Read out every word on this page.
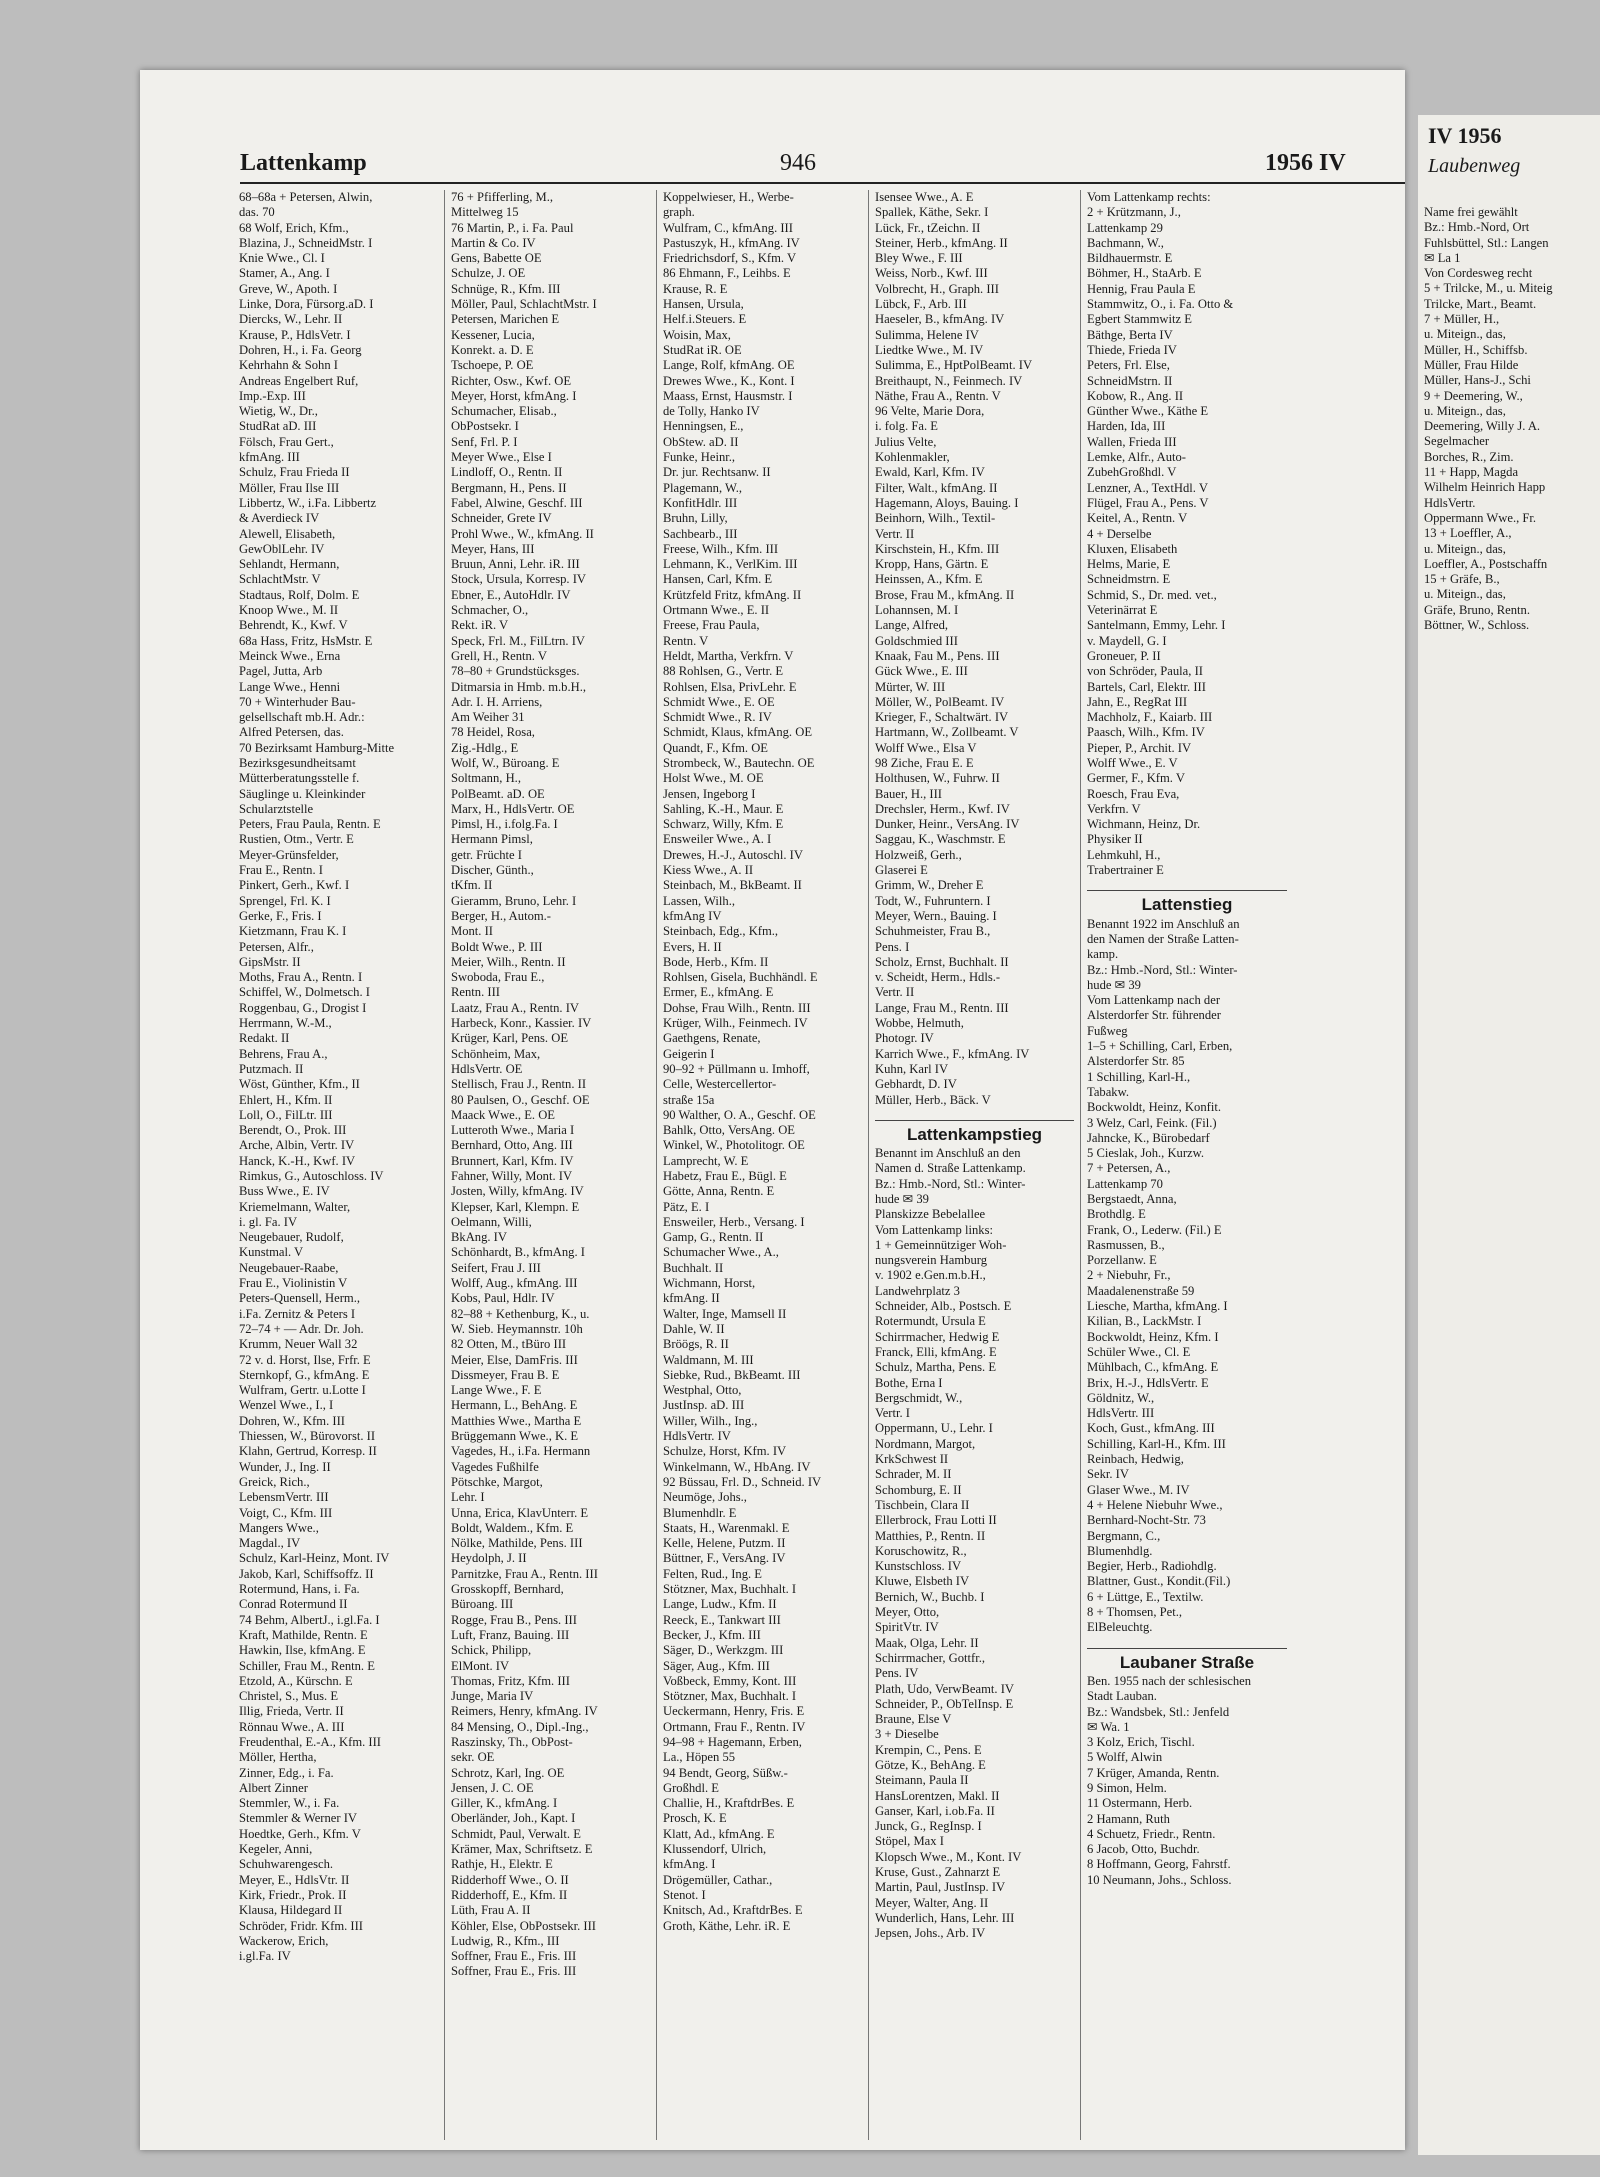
Lattenkamp	946	1956 IV
68–68a + Petersen, Alwin,
das. 70
68 Wolf, Erich, Kfm.,
Blazina, J., SchneidMstr. I
Knie Wwe., Cl. I
Stamer, A., Ang. I
Greve, W., Apoth. I
Linke, Dora, Fürsorg.aD. I
Diercks, W., Lehr. II
Krause, P., HdlsVetr. I
Dohren, H., i. Fa. Georg
Kehrhahn & Sohn I
Andreas Engelbert Ruf,
Imp.-Exp. III
Wietig, W., Dr.,
StudRat aD. III
Fölsch, Frau Gert.,
kfmAng. III
Schulz, Frau Frieda II
Möller, Frau Ilse III
Libbertz, W., i.Fa. Libbertz
& Averdieck IV
Alewell, Elisabeth,
GewOblLehr. IV
Sehlandt, Hermann,
SchlachtMstr. V
Stadtaus, Rolf, Dolm. E
Knoop Wwe., M. II
Behrendt, K., Kwf. V
68a Hass, Fritz, HsMstr. E
Meinck Wwe., Erna
Pagel, Jutta, Arb
Lange Wwe., Henni
70 + Winterhuder Bau-
gelsellschaft mb.H. Adr.:
Alfred Petersen, das.
70 Bezirksamt Hamburg-Mitte
Bezirksgesundheitsamt
Mütterberatungsstelle f.
Säuglinge u. Kleinkinder
Schularztstelle
Peters, Frau Paula, Rentn. E
Rustien, Otm., Vertr. E
Meyer-Grünsfelder,
Frau E., Rentn. I
Pinkert, Gerh., Kwf. I
Sprengel, Frl. K. I
Gerke, F., Fris. I
Kietzmann, Frau K. I
Petersen, Alfr.,
GipsMstr. II
Moths, Frau A., Rentn. I
Schiffel, W., Dolmetsch. I
Roggenbau, G., Drogist I
Herrmann, W.-M.,
Redakt. II
Behrens, Frau A.,
Putzmach. II
Wöst, Günther, Kfm., II
Ehlert, H., Kfm. II
Loll, O., FilLtr. III
Berendt, O., Prok. III
Arche, Albin, Vertr. IV
Hanck, K.-H., Kwf. IV
Rimkus, G., Autoschloss. IV
Buss Wwe., E. IV
Kriemelmann, Walter,
i. gl. Fa. IV
Neugebauer, Rudolf,
Kunstmal. V
Neugebauer-Raabe,
Frau E., Violinistin V
Peters-Quensell, Herm.,
i.Fa. Zernitz & Peters I
72–74 + — Adr. Dr. Joh.
Krumm, Neuer Wall 32
72 v. d. Horst, Ilse, Frfr. E
Sternkopf, G., kfmAng. E
Wulfram, Gertr. u.Lotte I
Wenzel Wwe., I., I
Dohren, W., Kfm. III
Thiessen, W., Bürovorst. II
Klahn, Gertrud, Korresp. II
Wunder, J., Ing. II
Greick, Rich.,
LebensmVertr. III
Voigt, C., Kfm. III
Mangers Wwe.,
Magdal., IV
Schulz, Karl-Heinz, Mont. IV
Jakob, Karl, Schiffsoffz. II
Rotermund, Hans, i. Fa.
Conrad Rotermund II
74 Behm, AlbertJ., i.gl.Fa. I
Kraft, Mathilde, Rentn. E
Hawkin, Ilse, kfmAng. E
Schiller, Frau M., Rentn. E
Etzold, A., Kürschn. E
Christel, S., Mus. E
Illig, Frieda, Vertr. II
Rönnau Wwe., A. III
Freudenthal, E.-A., Kfm. III
Möller, Hertha,
Zinner, Edg., i. Fa.
Albert Zinner
Stemmler, W., i. Fa.
Stemmler & Werner IV
Hoedtke, Gerh., Kfm. V
Kegeler, Anni,
Schuhwarengesch.
Meyer, E., HdlsVtr. II
Kirk, Friedr., Prok. II
Klausa, Hildegard II
Schröder, Fridr. Kfm. III
Wackerow, Erich,
i.gl.Fa. IV
76 + Pfifferling, M.,
Mittelweg 15
76 Martin, P., i. Fa. Paul
Martin & Co. IV
Gens, Babette OE
Schulze, J. OE
Schnüge, R., Kfm. III
Möller, Paul, SchlachtMstr. I
Petersen, Marichen E
Kessener, Lucia,
Konrekt. a. D. E
Tschoepe, P. OE
Richter, Osw., Kwf. OE
Meyer, Horst, kfmAng. I
Schumacher, Elisab.,
ObPostsekr. I
Senf, Frl. P. I
Meyer Wwe., Else I
Lindloff, O., Rentn. II
Bergmann, H., Pens. II
Fabel, Alwine, Geschf. III
Schneider, Grete IV
Prohl Wwe., W., kfmAng. II
Meyer, Hans, III
Bruun, Anni, Lehr. iR. III
Stock, Ursula, Korresp. IV
Ebner, E., AutoHdlr. IV
Schmacher, O.,
Rekt. iR. V
Speck, Frl. M., FilLtrn. IV
Grell, H., Rentn. V
78–80 + Grundstücksges.
Ditmarsia in Hmb. m.b.H.,
Adr. I. H. Arriens,
Am Weiher 31
78 Heidel, Rosa,
Zig.-Hdlg., E
Wolf, W., Büroang. E
Soltmann, H.,
PolBeamt. aD. OE
Marx, H., HdlsVertr. OE
Pimsl, H., i.folg.Fa. I
Hermann Pimsl,
getr. Früchte I
Discher, Günth.,
tKfm. II
Gieramm, Bruno, Lehr. I
Berger, H., Autom.-
Mont. II
Boldt Wwe., P. III
Meier, Wilh., Rentn. II
Swoboda, Frau E.,
Rentn. III
Laatz, Frau A., Rentn. IV
Harbeck, Konr., Kassier. IV
Krüger, Karl, Pens. OE
Schönheim, Max,
HdlsVertr. OE
Stellisch, Frau J., Rentn. II
80 Paulsen, O., Geschf. OE
Maack Wwe., E. OE
Lutteroth Wwe., Maria I
Bernhard, Otto, Ang. III
Brunnert, Karl, Kfm. IV
Fahner, Willy, Mont. IV
Josten, Willy, kfmAng. IV
Klepser, Karl, Klempn. E
Oelmann, Willi,
BkAng. IV
Schönhardt, B., kfmAng. I
Seifert, Frau J. III
Wolff, Aug., kfmAng. III
Kobs, Paul, Hdlr. IV
82–88 + Kethenburg, K., u.
W. Sieb. Heymannstr. 10h
82 Otten, M., tBüro III
Meier, Else, DamFris. III
Dissmeyer, Frau B. E
Lange Wwe., F. E
Hermann, L., BehAng. E
Matthies Wwe., Martha E
Brüggemann Wwe., K. E
Vagedes, H., i.Fa. Hermann
Vagedes Fußhilfe
Pötschke, Margot,
Lehr. I
Unna, Erica, KlavUnterr. E
Boldt, Waldem., Kfm. E
Nölke, Mathilde, Pens. III
Heydolph, J. II
Parnitzke, Frau A., Rentn. III
Grosskopff, Bernhard,
Büroang. III
Rogge, Frau B., Pens. III
Luft, Franz, Bauing. III
Schick, Philipp,
ElMont. IV
Thomas, Fritz, Kfm. III
Junge, Maria IV
Reimers, Henry, kfmAng. IV
84 Mensing, O., Dipl.-Ing.,
Raszinsky, Th., ObPost-
sekr. OE
Schrotz, Karl, Ing. OE
Jensen, J. C. OE
Giller, K., kfmAng. I
Oberländer, Joh., Kapt. I
Schmidt, Paul, Verwalt. E
Krämer, Max, Schriftsetz. E
Rathje, H., Elektr. E
Ridderhoff Wwe., O. II
Ridderhoff, E., Kfm. II
Lüth, Frau A. II
Köhler, Else, ObPostsekr. III
Ludwig, R., Kfm., III
Soffner, Frau E., Fris. III
Soffner, Frau E., Fris. III
Koppelwieser, H., Werbe-
graph.
Wulfram, C., kfmAng. III
Pastuszyk, H., kfmAng. IV
Friedrichsdorf, S., Kfm. V
86 Ehmann, F., Leihbs. E
Krause, R. E
Hansen, Ursula,
Helf.i.Steuers. E
Woisin, Max,
StudRat iR. OE
Lange, Rolf, kfmAng. OE
Drewes Wwe., K., Kont. I
Maass, Ernst, Hausmstr. I
de Tolly, Hanko IV
Henningsen, E.,
ObStew. aD. II
Funke, Heinr.,
Dr. jur. Rechtsanw. II
Plagemann, W.,
KonfitHdlr. III
Bruhn, Lilly,
Sachbearb., III
Freese, Wilh., Kfm. III
Lehmann, K., VerlKim. III
Hansen, Carl, Kfm. E
Krützfeld Fritz, kfmAng. II
Ortmann Wwe., E. II
Freese, Frau Paula,
Rentn. V
Heldt, Martha, Verkfrn. V
88 Rohlsen, G., Vertr. E
Rohlsen, Elsa, PrivLehr. E
Schmidt Wwe., E. OE
Schmidt Wwe., R. IV
Schmidt, Klaus, kfmAng. OE
Quandt, F., Kfm. OE
Strombeck, W., Bautechn. OE
Holst Wwe., M. OE
Jensen, Ingeborg I
Sahling, K.-H., Maur. E
Schwarz, Willy, Kfm. E
Ensweiler Wwe., A. I
Drewes, H.-J., Autoschl. IV
Kiess Wwe., A. II
Steinbach, M., BkBeamt. II
Lassen, Wilh.,
kfmAng IV
Steinbach, Edg., Kfm.,
Evers, H. II
Bode, Herb., Kfm. II
Rohlsen, Gisela, Buchhändl. E
Ermer, E., kfmAng. E
Dohse, Frau Wilh., Rentn. III
Krüger, Wilh., Feinmech. IV
Gaethgens, Renate,
Geigerin I
90–92 + Püllmann u. Imhoff,
Celle, Westercellertor-
straße 15a
90 Walther, O. A., Geschf. OE
Bahlk, Otto, VersAng. OE
Winkel, W., Photolitogr. OE
Lamprecht, W. E
Habetz, Frau E., Bügl. E
Götte, Anna, Rentn. E
Pätz, E. I
Ensweiler, Herb., Versang. I
Gamp, G., Rentn. II
Schumacher Wwe., A.,
Buchhalt. II
Wichmann, Horst,
kfmAng. II
Walter, Inge, Mamsell II
Dahle, W. II
Bröögs, R. II
Waldmann, M. III
Siebke, Rud., BkBeamt. III
Westphal, Otto,
JustInsp. aD. III
Willer, Wilh., Ing.,
HdlsVertr. IV
Schulze, Horst, Kfm. IV
Winkelmann, W., HbAng. IV
92 Büssau, Frl. D., Schneid. IV
Neumöge, Johs.,
Blumenhdlr. E
Staats, H., Warenmakl. E
Kelle, Helene, Putzm. II
Büttner, F., VersAng. IV
Felten, Rud., Ing. E
Stötzner, Max, Buchhalt. I
Lange, Ludw., Kfm. II
Reeck, E., Tankwart III
Becker, J., Kfm. III
Säger, D., Werkzgm. III
Säger, Aug., Kfm. III
Voßbeck, Emmy, Kont. III
Stötzner, Max, Buchhalt. I
Ueckermann, Henry, Fris. E
Ortmann, Frau F., Rentn. IV
94–98 + Hagemann, Erben,
La., Höpen 55
94 Bendt, Georg, Süßw.-
Großhdl. E
Challie, H., KraftdrBes. E
Prosch, K. E
Klatt, Ad., kfmAng. E
Klussendorf, Ulrich,
kfmAng. I
Drögemüller, Cathar.,
Stenot. I
Knitsch, Ad., KraftdrBes. E
Groth, Käthe, Lehr. iR. E
Isensee Wwe., A. E
Spallek, Käthe, Sekr. I
Lück, Fr., tZeichn. II
Steiner, Herb., kfmAng. II
Bley Wwe., F. III
Weiss, Norb., Kwf. III
Volbrecht, H., Graph. III
Lübck, F., Arb. III
Haeseler, B., kfmAng. IV
Sulimma, Helene IV
Liedtke Wwe., M. IV
Sulimma, E., HptPolBeamt. IV
Breithaupt, N., Feinmech. IV
Näthe, Frau A., Rentn. V
96 Velte, Marie Dora,
i. folg. Fa. E
Julius Velte,
Kohlenmakler,
Ewald, Karl, Kfm. IV
Filter, Walt., kfmAng. II
Hagemann, Aloys, Bauing. I
Beinhorn, Wilh., Textil-
Vertr. II
Kirschstein, H., Kfm. III
Kropp, Hans, Gärtn. E
Heinssen, A., Kfm. E
Brose, Frau M., kfmAng. II
Lohannsen, M. I
Lange, Alfred,
Goldschmied III
Knaak, Fau M., Pens. III
Gück Wwe., E. III
Mürter, W. III
Möller, W., PolBeamt. IV
Krieger, F., Schaltwärt. IV
Hartmann, W., Zollbeamt. V
Wolff Wwe., Elsa V
98 Ziche, Frau E. E
Holthusen, W., Fuhrw. II
Bauer, H., III
Drechsler, Herm., Kwf. IV
Dunker, Heinr., VersAng. IV
Saggau, K., Waschmstr. E
Holzweiß, Gerh.,
Glaserei E
Grimm, W., Dreher E
Todt, W., Fuhruntern. I
Meyer, Wern., Bauing. I
Schuhmeister, Frau B.,
Pens. I
Scholz, Ernst, Buchhalt. II
v. Scheidt, Herm., Hdls.-
Vertr. II
Lange, Frau M., Rentn. III
Wobbe, Helmuth,
Photogr. IV
Karrich Wwe., F., kfmAng. IV
Kuhn, Karl IV
Gebhardt, D. IV
Müller, Herb., Bäck. V
Lattenkampstieg
Benannt im Anschluß an den
Namen d. Straße Lattenkamp.
Bz.: Hmb.-Nord, Stl.: Winter-
hude ✉ 39
Planskizze Bebelallee
Vom Lattenkamp links:
1 + Gemeinnütziger Woh-
nungsverein Hamburg
v. 1902 e.Gen.m.b.H.,
Landwehrplatz 3
Schneider, Alb., Postsch. E
Rotermundt, Ursula E
Schirrmacher, Hedwig E
Franck, Elli, kfmAng. E
Schulz, Martha, Pens. E
Bothe, Erna I
Bergschmidt, W.,
Vertr. I
Oppermann, U., Lehr. I
Nordmann, Margot,
KrkSchwest II
Schrader, M. II
Schomburg, E. II
Tischbein, Clara II
Ellerbrock, Frau Lotti II
Matthies, P., Rentn. II
Koruschowitz, R.,
Kunstschloss. IV
Kluwe, Elsbeth IV
Bernich, W., Buchb. I
Meyer, Otto,
SpiritVtr. IV
Maak, Olga, Lehr. II
Schirrmacher, Gottfr.,
Pens. IV
Plath, Udo, VerwBeamt. IV
Schneider, P., ObTelInsp. E
Braune, Else V
3 + Dieselbe
Krempin, C., Pens. E
Götze, K., BehAng. E
Steimann, Paula II
HansLorentzen, Makl. II
Ganser, Karl, i.ob.Fa. II
Junck, G., RegInsp. I
Stöpel, Max I
Klopsch Wwe., M., Kont. IV
Kruse, Gust., Zahnarzt E
Martin, Paul, JustInsp. IV
Meyer, Walter, Ang. II
Wunderlich, Hans, Lehr. III
Jepsen, Johs., Arb. IV
Vom Lattenkamp rechts:
2 + Krützmann, J.,
Lattenkamp 29
Bachmann, W.,
Bildhauermstr. E
Böhmer, H., StaArb. E
Hennig, Frau Paula E
Stammwitz, O., i. Fa. Otto &
Egbert Stammwitz E
Bäthge, Berta IV
Thiede, Frieda IV
Peters, Frl. Else,
SchneidMstrn. II
Kobow, R., Ang. II
Günther Wwe., Käthe E
Harden, Ida, III
Wallen, Frieda III
Lemke, Alfr., Auto-
ZubehGroßhdl. V
Lenzner, A., TextHdl. V
Flügel, Frau A., Pens. V
Keitel, A., Rentn. V
4 + Derselbe
Kluxen, Elisabeth
Helms, Marie, E
Schneidmstrn. E
Schmid, S., Dr. med. vet.,
Veterinärrat E
Santelmann, Emmy, Lehr. I
v. Maydell, G. I
Groneuer, P. II
von Schröder, Paula, II
Bartels, Carl, Elektr. III
Jahn, E., RegRat III
Machholz, F., Kaiarb. III
Paasch, Wilh., Kfm. IV
Pieper, P., Archit. IV
Wolff Wwe., E. V
Germer, F., Kfm. V
Roesch, Frau Eva,
Verkfrn. V
Wichmann, Heinz, Dr.
Physiker II
Lehmkuhl, H.,
Trabertrainer E
Lattenstieg
Benannt 1922 im Anschluß an
den Namen der Straße Latten-
kamp.
Bz.: Hmb.-Nord, Stl.: Winter-
hude ✉ 39
Vom Lattenkamp nach der
Alsterdorfer Str. führender
Fußweg
1–5 + Schilling, Carl, Erben,
Alsterdorfer Str. 85
1 Schilling, Karl-H.,
Tabakw.
Bockwoldt, Heinz, Konfit.
3 Welz, Carl, Feink. (Fil.)
Jahncke, K., Bürobedarf
5 Cieslak, Joh., Kurzw.
7 + Petersen, A.,
Lattenkamp 70
Bergstaedt, Anna,
Brothdlg. E
Frank, O., Lederw. (Fil.) E
Rasmussen, B.,
Porzellanw. E
2 + Niebuhr, Fr.,
Maadalenenstraße 59
Liesche, Martha, kfmAng. I
Kilian, B., LackMstr. I
Bockwoldt, Heinz, Kfm. I
Schüler Wwe., Cl. E
Mühlbach, C., kfmAng. E
Brix, H.-J., HdlsVertr. E
Göldnitz, W.,
HdlsVertr. III
Koch, Gust., kfmAng. III
Schilling, Karl-H., Kfm. III
Reinbach, Hedwig,
Sekr. IV
Glaser Wwe., M. IV
4 + Helene Niebuhr Wwe.,
Bernhard-Nocht-Str. 73
Bergmann, C.,
Blumenhdlg.
Begier, Herb., Radiohdlg.
Blattner, Gust., Kondit.(Fil.)
6 + Lüttge, E., Textilw.
8 + Thomsen, Pet.,
ElBeleuchtg.
Laubaner Straße
Ben. 1955 nach der schlesischen
Stadt Lauban.
Bz.: Wandsbek, Stl.: Jenfeld
✉ Wa. 1
3 Kolz, Erich, Tischl.
5 Wolff, Alwin
7 Krüger, Amanda, Rentn.
9 Simon, Helm.
11 Ostermann, Herb.
2 Hamann, Ruth
4 Schuetz, Friedr., Rentn.
6 Jacob, Otto, Buchdr.
8 Hoffmann, Georg, Fahrstf.
10 Neumann, Johs., Schloss.
IV 1956
Laubenweg
Name frei gewählt
Bz.: Hmb.-Nord, Ort
Fuhlsbüttel, Stl.: Langen
✉ La 1
Von Cordesweg recht
5 + Trilcke, M., u. Miteig
Trilcke, Mart., Beamt.
7 + Müller, H.,
u. Miteign., das,
Müller, H., Schiffsb.
Müller, Frau Hilde
Müller, Hans-J., Schi
9 + Deemering, W.,
u. Miteign., das,
Deemering, Willy J. A.
Segelmacher
Borches, R., Zim.
11 + Happ, Magda
Wilhelm Heinrich Happ
HdlsVertr.
Oppermann Wwe., Fr.
13 + Loeffler, A.,
u. Miteign., das,
Loeffler, A., Postschaffn
15 + Gräfe, B.,
u. Miteign., das,
Gräfe, Bruno, Rentn.
Böttner, W., Schloss.
